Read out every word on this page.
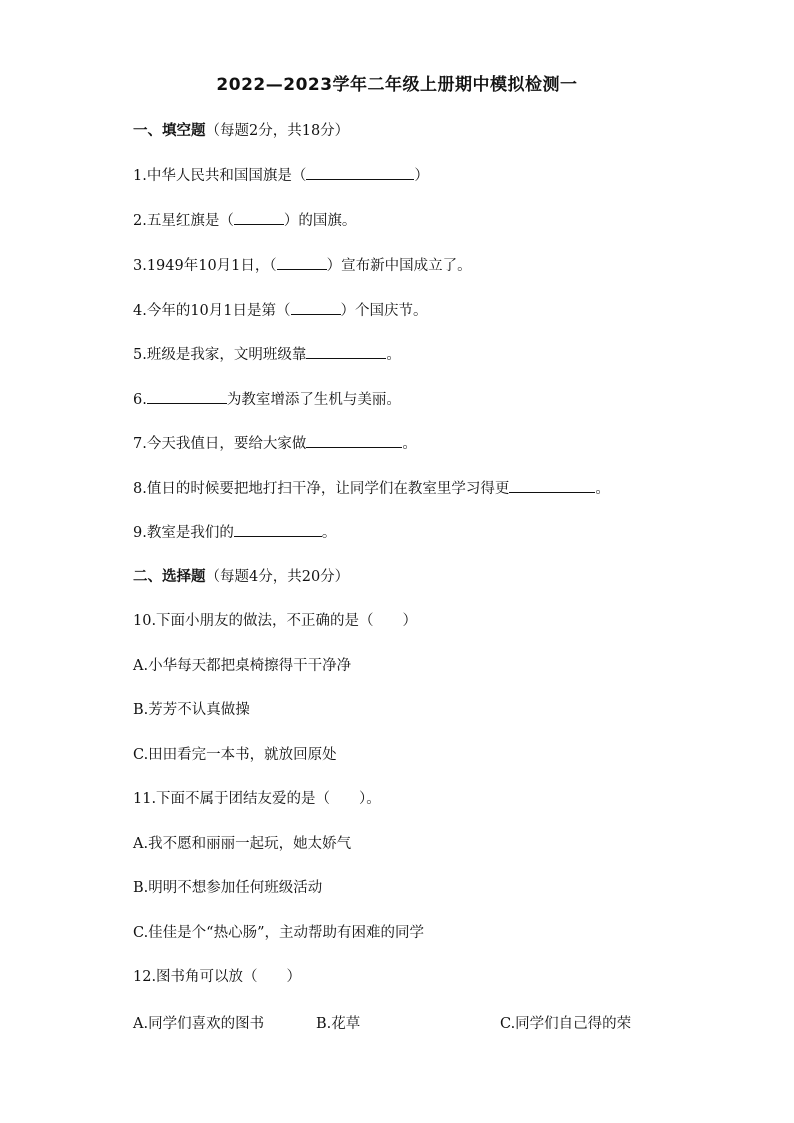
2022—2023学年二年级上册期中模拟检测一
一、填空题（每题2分，共18分）
1.中华人民共和国国旗是（	）
2.五星红旗是（	）的国旗。
3.1949年10月1日，（	）宣布新中国成立了。
4.今年的10月1日是第（	）个国庆节。
5.班级是我家，文明班级靠	。
6.	为教室增添了生机与美丽。
7.今天我值日，要给大家做	。
8.值日的时候要把地打扫干净，让同学们在教室里学习得更	。
9.教室是我们的	。
二、选择题（每题4分，共20分）
10.下面小朋友的做法，不正确的是（　　）
A.小华每天都把桌椅擦得干干净净
B.芳芳不认真做操
C.田田看完一本书，就放回原处
11.下面不属于团结友爱的是（　　）。
A.我不愿和丽丽一起玩，她太娇气
B.明明不想参加任何班级活动
C.佳佳是个“热心肠”，主动帮助有困难的同学
12.图书角可以放（　　）
A.同学们喜欢的图书	B.花草	C.同学们自己得的荣
